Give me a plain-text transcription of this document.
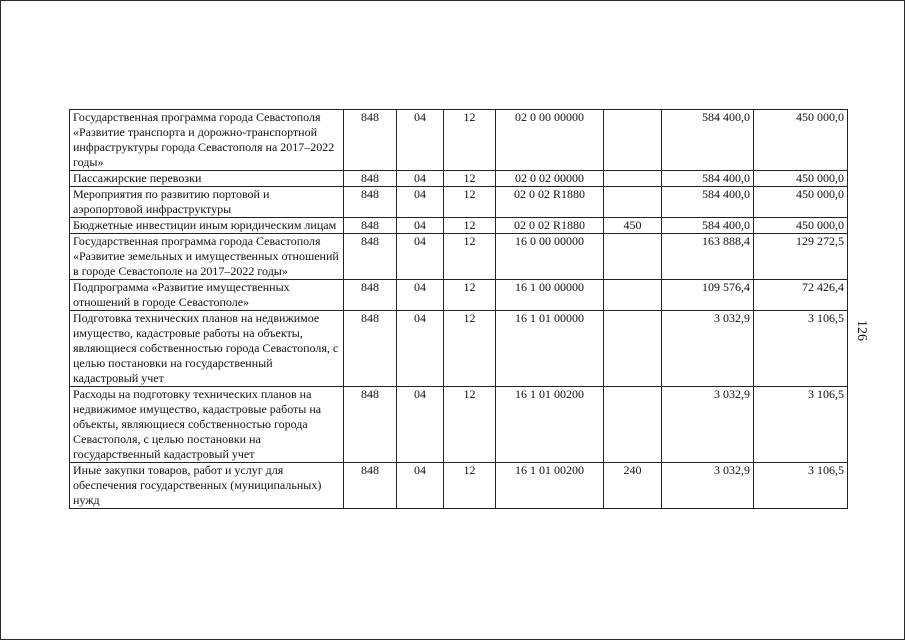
Государственная программа города Севастополя «Развитие транспорта и дорожно-транспортной инфраструктуры города Севастополя на 2017–2022 годы»	848	04	12	02 0 00 00000		584 400,0	450 000,0
Пассажирские перевозки	848	04	12	02 0 02 00000		584 400,0	450 000,0
Мероприятия по развитию портовой и аэропортовой инфраструктуры	848	04	12	02 0 02 R1880		584 400,0	450 000,0
Бюджетные инвестиции иным юридическим лицам	848	04	12	02 0 02 R1880	450	584 400,0	450 000,0
Государственная программа города Севастополя «Развитие земельных и имущественных отношений в городе Севастополе на 2017–2022 годы»	848	04	12	16 0 00 00000		163 888,4	129 272,5
Подпрограмма «Развитие имущественных отношений в городе Севастополе»	848	04	12	16 1 00 00000		109 576,4	72 426,4
Подготовка технических планов на недвижимое имущество, кадастровые работы на объекты, являющиеся собственностью города Севастополя, с целью постановки на государственный кадастровый учет	848	04	12	16 1 01 00000		3 032,9	3 106,5
Расходы на подготовку технических планов на недвижимое имущество, кадастровые работы на объекты, являющиеся собственностью города Севастополя, с целью постановки на государственный кадастровый учет	848	04	12	16 1 01 00200		3 032,9	3 106,5
Иные закупки товаров, работ и услуг для обеспечения государственных (муниципальных) нужд	848	04	12	16 1 01 00200	240	3 032,9	3 106,5
126
